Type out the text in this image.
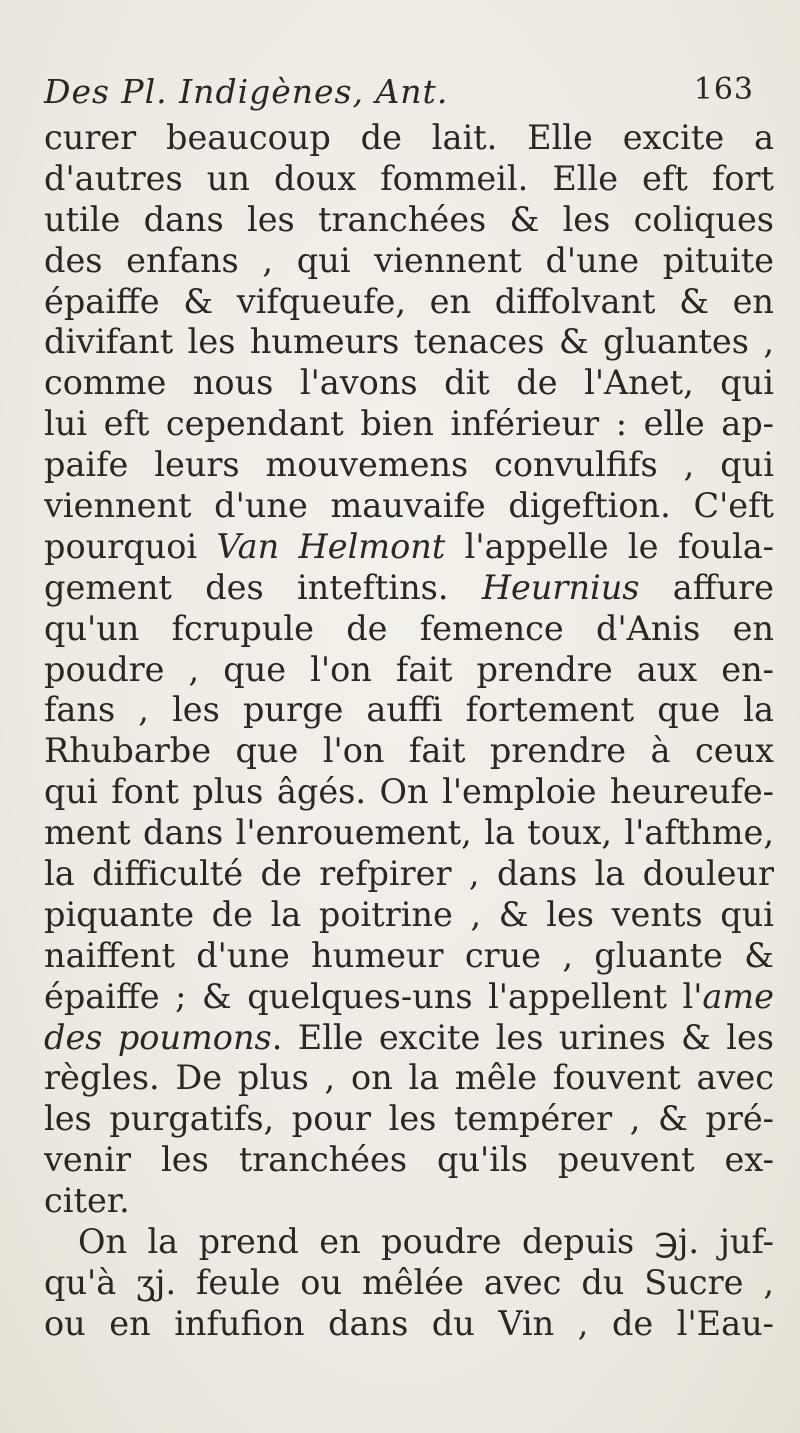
Des Pl. Indigènes, Ant.	163
curer beaucoup de lait. Elle excite a
d'autres un doux fommeil. Elle eft fort
utile dans les tranchées & les coliques
des enfans , qui viennent d'une pituite
épaiffe & vifqueufe, en diffolvant & en
divifant les humeurs tenaces & gluantes ,
comme nous l'avons dit de l'Anet, qui
lui eft cependant bien inférieur : elle ap-
paife leurs mouvemens convulfifs , qui
viennent d'une mauvaife digeftion. C'eft
pourquoi Van Helmont l'appelle le foula-
gement des inteftins. Heurnius affure
qu'un fcrupule de femence d'Anis en
poudre , que l'on fait prendre aux en-
fans , les purge auffi fortement que la
Rhubarbe que l'on fait prendre à ceux
qui font plus âgés. On l'emploie heureufe-
ment dans l'enrouement, la toux, l'afthme,
la difficulté de refpirer , dans la douleur
piquante de la poitrine , & les vents qui
naiffent d'une humeur crue , gluante &
épaiffe ; & quelques-uns l'appellent l'ame
des poumons. Elle excite les urines & les
règles. De plus , on la mêle fouvent avec
les purgatifs, pour les tempérer , & pré-
venir les tranchées qu'ils peuvent ex-
citer.
On la prend en poudre depuis ℈j. juf-
qu'à ʒj. feule ou mêlée avec du Sucre ,
ou en infufion dans du Vin , de l'Eau-
